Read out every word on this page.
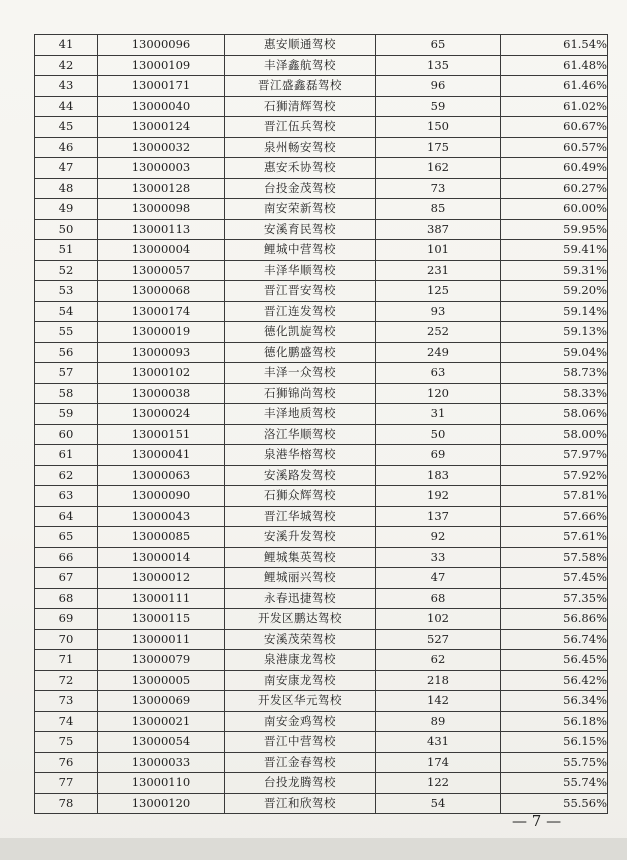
41	13000096	惠安顺通驾校	65	61.54%
42	13000109	丰泽鑫航驾校	135	61.48%
43	13000171	晋江盛鑫磊驾校	96	61.46%
44	13000040	石狮清辉驾校	59	61.02%
45	13000124	晋江伍兵驾校	150	60.67%
46	13000032	泉州畅安驾校	175	60.57%
47	13000003	惠安禾协驾校	162	60.49%
48	13000128	台投金茂驾校	73	60.27%
49	13000098	南安荣新驾校	85	60.00%
50	13000113	安溪育民驾校	387	59.95%
51	13000004	鲤城中营驾校	101	59.41%
52	13000057	丰泽华顺驾校	231	59.31%
53	13000068	晋江晋安驾校	125	59.20%
54	13000174	晋江连发驾校	93	59.14%
55	13000019	德化凯旋驾校	252	59.13%
56	13000093	德化鹏盛驾校	249	59.04%
57	13000102	丰泽一众驾校	63	58.73%
58	13000038	石狮锦尚驾校	120	58.33%
59	13000024	丰泽地质驾校	31	58.06%
60	13000151	洛江华顺驾校	50	58.00%
61	13000041	泉港华榕驾校	69	57.97%
62	13000063	安溪路发驾校	183	57.92%
63	13000090	石狮众辉驾校	192	57.81%
64	13000043	晋江华城驾校	137	57.66%
65	13000085	安溪升发驾校	92	57.61%
66	13000014	鲤城集英驾校	33	57.58%
67	13000012	鲤城丽兴驾校	47	57.45%
68	13000111	永春迅捷驾校	68	57.35%
69	13000115	开发区鹏达驾校	102	56.86%
70	13000011	安溪茂荣驾校	527	56.74%
71	13000079	泉港康龙驾校	62	56.45%
72	13000005	南安康龙驾校	218	56.42%
73	13000069	开发区华元驾校	142	56.34%
74	13000021	南安金鸡驾校	89	56.18%
75	13000054	晋江中营驾校	431	56.15%
76	13000033	晋江金春驾校	174	55.75%
77	13000110	台投龙腾驾校	122	55.74%
78	13000120	晋江和欣驾校	54	55.56%
— 7 —
